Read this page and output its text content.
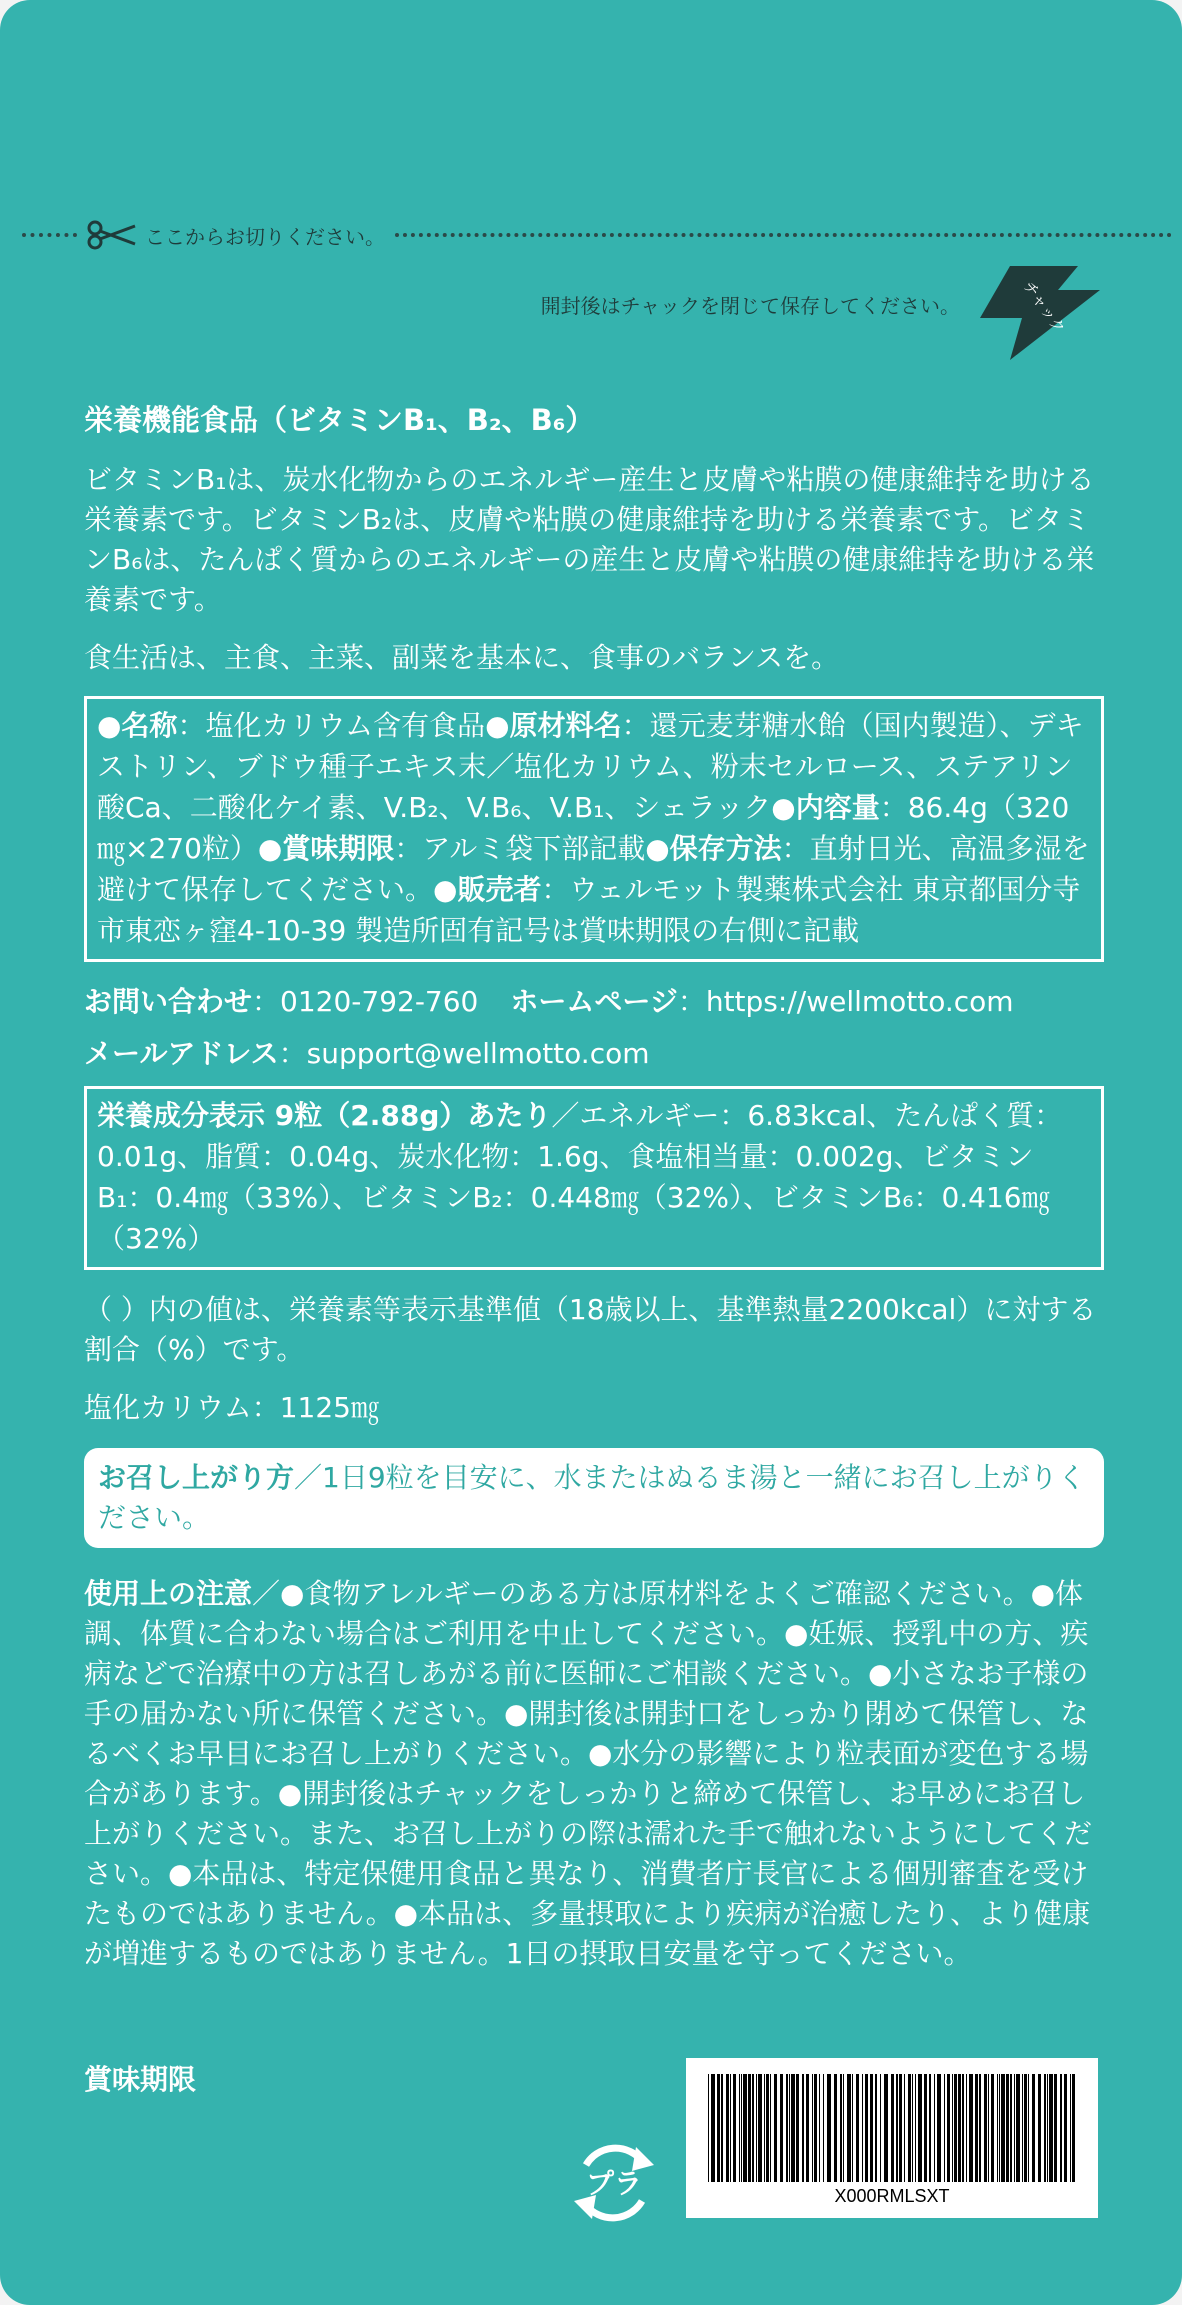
ここからお切りください。
開封後はチャックを閉じて保存してください。	チャック

栄養機能食品（ビタミンB₁、B₂、B₆）

ビタミンB₁は、炭水化物からのエネルギー産生と皮膚や粘膜の健康維持を助ける栄養素です。ビタミンB₂は、皮膚や粘膜の健康維持を助ける栄養素です。ビタミンB₆は、たんぱく質からのエネルギーの産生と皮膚や粘膜の健康維持を助ける栄養素です。

食生活は、主食、主菜、副菜を基本に、食事のバランスを。

●名称：塩化カリウム含有食品●原材料名：還元麦芽糖水飴（国内製造）、デキストリン、ブドウ種子エキス末／塩化カリウム、粉末セルロース、ステアリン酸Ca、二酸化ケイ素、V.B₂、V.B₆、V.B₁、シェラック●内容量：86.4g（320㎎×270粒）●賞味期限：アルミ袋下部記載●保存方法：直射日光、高温多湿を避けて保存してください。●販売者：ウェルモット製薬株式会社 東京都国分寺市東恋ヶ窪4-10-39 製造所固有記号は賞味期限の右側に記載

お問い合わせ：0120-792-760 ホームページ：https://wellmotto.com

メールアドレス：support@wellmotto.com

栄養成分表示 9粒（2.88g）あたり／エネルギー：6.83kcal、たんぱく質：0.01g、脂質：0.04g、炭水化物：1.6g、食塩相当量：0.002g、ビタミンB₁：0.4㎎（33%）、ビタミンB₂：0.448㎎（32%）、ビタミンB₆：0.416㎎（32%）

（ ）内の値は、栄養素等表示基準値（18歳以上、基準熱量2200kcal）に対する割合（%）です。

塩化カリウム：1125㎎

お召し上がり方／1日9粒を目安に、水またはぬるま湯と一緒にお召し上がりください。

使用上の注意／●食物アレルギーのある方は原材料をよくご確認ください。●体調、体質に合わない場合はご利用を中止してください。●妊娠、授乳中の方、疾病などで治療中の方は召しあがる前に医師にご相談ください。●小さなお子様の手の届かない所に保管ください。●開封後は開封口をしっかり閉めて保管し、なるべくお早目にお召し上がりください。●水分の影響により粒表面が変色する場合があります。●開封後はチャックをしっかりと締めて保管し、お早めにお召し上がりください。また、お召し上がりの際は濡れた手で触れないようにしてください。●本品は、特定保健用食品と異なり、消費者庁長官による個別審査を受けたものではありません。●本品は、多量摂取により疾病が治癒したり、より健康が増進するものではありません。1日の摂取目安量を守ってください。

賞味期限
プラ	X000RMLSXT
